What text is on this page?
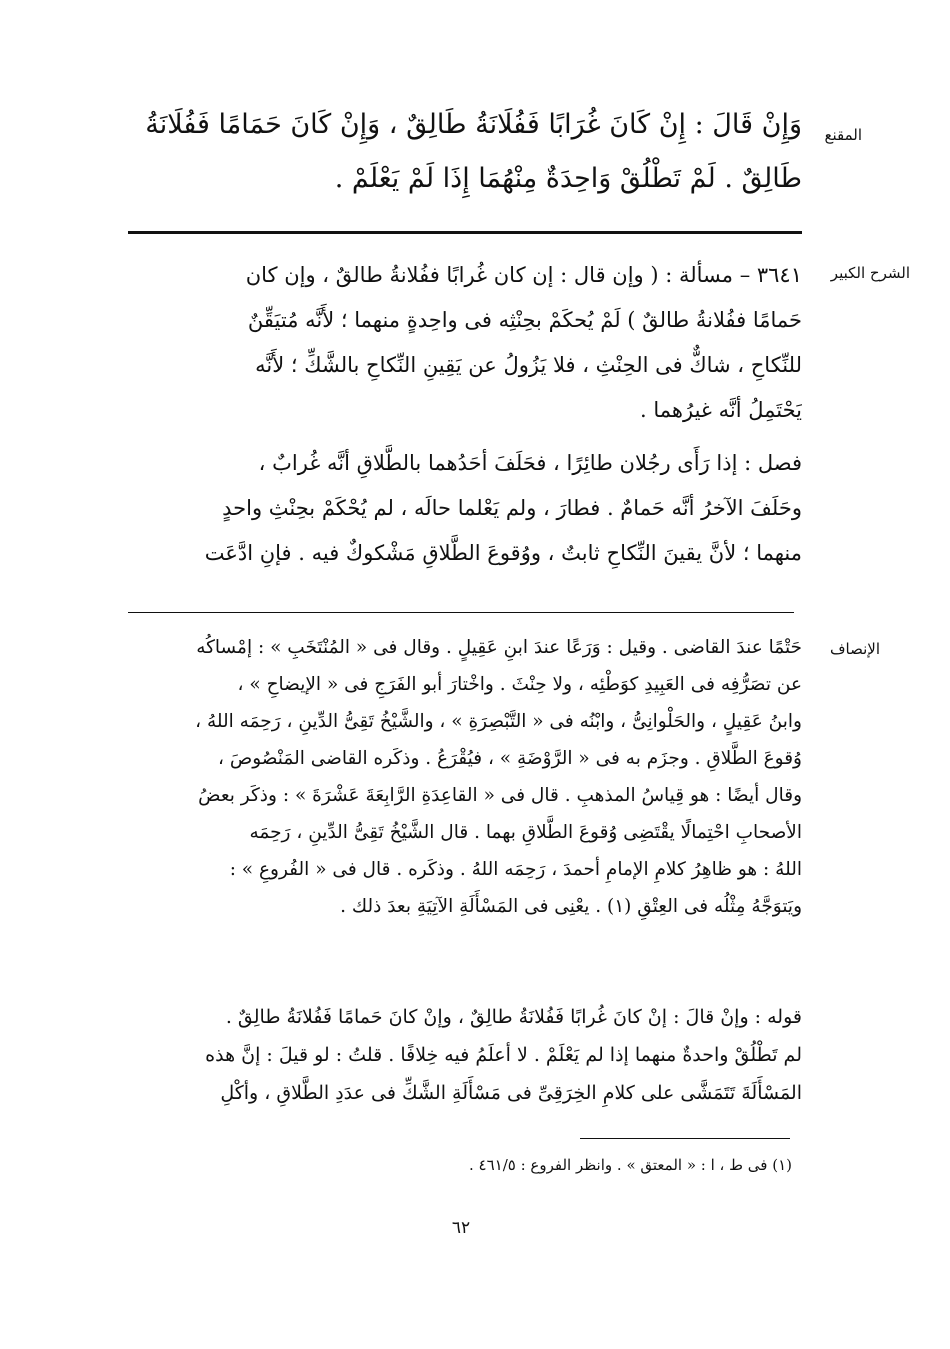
المقنع
وَإِنْ قَالَ : إِنْ كَانَ غُرَابًا فَفُلَانَةُ طَالِقٌ ، وَإِنْ كَانَ حَمَامًا فَفُلَانَةُ
طَالِقٌ . لَمْ تَطْلُقْ وَاحِدَةٌ مِنْهُمَا إِذَا لَمْ يَعْلَمْ .
الشرح الكبير
٣٦٤١ – مسألة : ( وإن قال : إن كان غُرابًا ففُلانةُ طالقٌ ، وإن كان
حَمامًا ففُلانةُ طالقٌ ) لَمْ يُحكَمْ بحِنْثِه فى واحِدةٍ منهما ؛ لأَنَّه مُتيَقِّنٌ
للنِّكاحِ ، شاكٌّ فى الحِنْثِ ، فلا يَزُولُ عن يَقِينِ النِّكاحِ بالشَّكِّ ؛ لأَنَّه
يَحْتَمِلُ أنَّه غيرُهما .
فصل : إذا رَأَى رجُلان طائِرًا ، فحَلَفَ أحَدُهما بالطَّلاقِ أنَّه غُرابٌ ،
وحَلَفَ الآخرُ أنَّه حَمامٌ . فطارَ ، ولم يَعْلما حالَه ، لم يُحْكَمْ بحِنْثِ واحدٍ
منهما ؛ لأنَّ يقينَ النِّكاحِ ثابتٌ ، ووُقوعَ الطَّلاقِ مَشْكوكٌ فيه . فإنِ ادَّعَت
الإنصاف
حَتْمًا عندَ القاضى . وقيل : وَرَعًا عندَ ابنِ عَقِيلٍ . وقال فى « المُنْتَخَبِ » : إمْساكُه
عن تصَرُّفِه فى العَبِيدِ كوَطْئِه ، ولا حِنْثَ . واخْتارَ أبو الفَرَجِ فى « الإيضاحِ » ،
وابنُ عَقِيلٍ ، والحَلْوانِىُّ ، وابْنُه فى « التَّبْصِرَةِ » ، والشَّيْخُ تَقِىُّ الدِّينِ ، رَحِمَه اللهُ ،
وُقوعَ الطَّلاقِ . وجزَم به فى « الرَّوْضَةِ » ، فيُقْرَعُ . وذكَره القاضى المَنْصُوصَ ،
وقال أيضًا : هو قِياسُ المذهبِ . قال فى « القاعِدَةِ الرَّابِعَةَ عَشْرَةَ » : وذكَر بعضُ
الأصحابِ احْتِمالًا يقْتَضِى وُقوعَ الطَّلاقِ بهما . قال الشَّيْخُ تَقِىُّ الدِّينِ ، رَحِمَه
اللهُ : هو ظاهِرُ كلامِ الإمامِ أحمدَ ، رَحِمَه اللهُ . وذكَره . قال فى « الفُروعِ » :
ويَتوَجَّهُ مِثْلُه فى العِتْقِ (١) . يعْنِى فى المَسْأَلَةِ الآتِيَةِ بعدَ ذلك .
قوله : وإنْ قالَ : إنْ كانَ غُرابًا فَفُلانَةُ طالِقٌ ، وإنْ كانَ حَمامًا فَفُلانَةُ طالِقٌ .
لم تَطْلُقْ واحدةٌ منهما إذا لم يَعْلَمْ . لا أعلَمُ فيه خِلافًا . قلتُ : لو قيلَ : إنَّ هذه
المَسْأَلَةَ تَتَمَشَّى على كلامِ الخِرَقِىِّ فى مَسْأَلَةِ الشَّكِّ فى عدَدِ الطَّلاقِ ، وأكْلِ
(١) فى ط ، ا : « المعتق » . وانظر الفروع : ٤٦١/٥ .
٦٢
